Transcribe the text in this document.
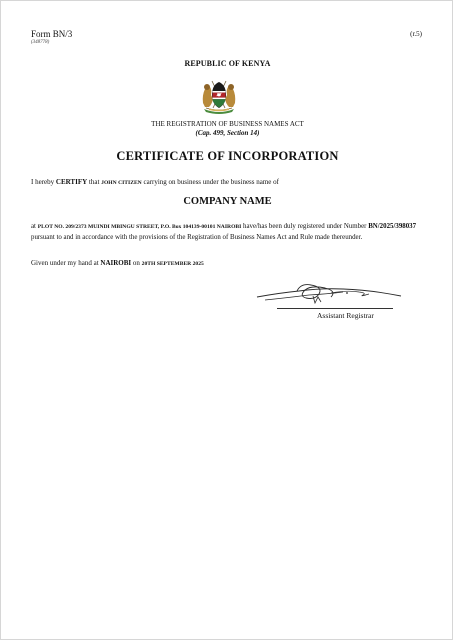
Form BN/3
(348778)
(r.5)
REPUBLIC OF KENYA
THE REGISTRATION OF BUSINESS NAMES ACT
(Cap. 499, Section 14)
CERTIFICATE OF INCORPORATION
I hereby CERTIFY that JOHN CITIZEN carrying on business under the business name of
COMPANY NAME
at PLOT NO. 209/2373 MUINDI MBINGU STREET, P.O. Box 104139-00101 NAIROBI have/has been duly registered under Number BN/2025/398037 pursuant to and in accordance with the provisions of the Registration of Business Names Act and Rule made thereunder.
Given under my hand at NAIROBI on 20TH SEPTEMBER 2025
Assistant Registrar
